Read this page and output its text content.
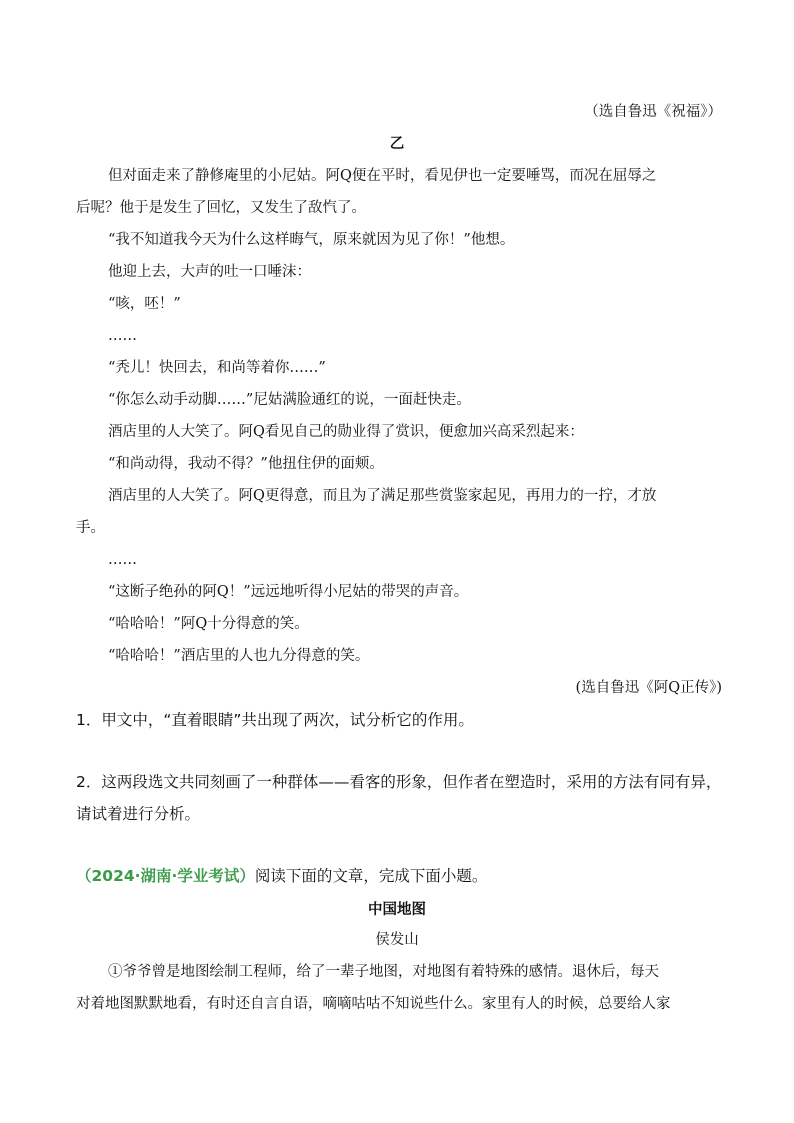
（选自鲁迅《祝福》）
乙
但对面走来了静修庵里的小尼姑。阿Q便在平时，看见伊也一定要唾骂，而况在屈辱之
后呢？他于是发生了回忆，又发生了敌忾了。
“我不知道我今天为什么这样晦气，原来就因为见了你！”他想。
他迎上去，大声的吐一口唾沫：
“咳，呸！”
……
“秃儿！快回去，和尚等着你……”
“你怎么动手动脚……”尼姑满脸通红的说，一面赶快走。
酒店里的人大笑了。阿Q看见自己的勋业得了赏识，便愈加兴高采烈起来：
“和尚动得，我动不得？”他扭住伊的面颊。
酒店里的人大笑了。阿Q更得意，而且为了满足那些赏鉴家起见，再用力的一拧，才放
手。
……
“这断子绝孙的阿Q！”远远地听得小尼姑的带哭的声音。
“哈哈哈！”阿Q十分得意的笑。
“哈哈哈！”酒店里的人也九分得意的笑。
(选自鲁迅《阿Q正传》)
1．甲文中，“直着眼睛”共出现了两次，试分析它的作用。
2．这两段选文共同刻画了一种群体——看客的形象，但作者在塑造时，采用的方法有同有异，
请试着进行分析。
（2024·湖南·学业考试）阅读下面的文章，完成下面小题。
中国地图
侯发山
①爷爷曾是地图绘制工程师，给了一辈子地图，对地图有着特殊的感情。退休后，每天
对着地图默默地看，有时还自言自语，嘀嘀咕咕不知说些什么。家里有人的时候，总要给人家
